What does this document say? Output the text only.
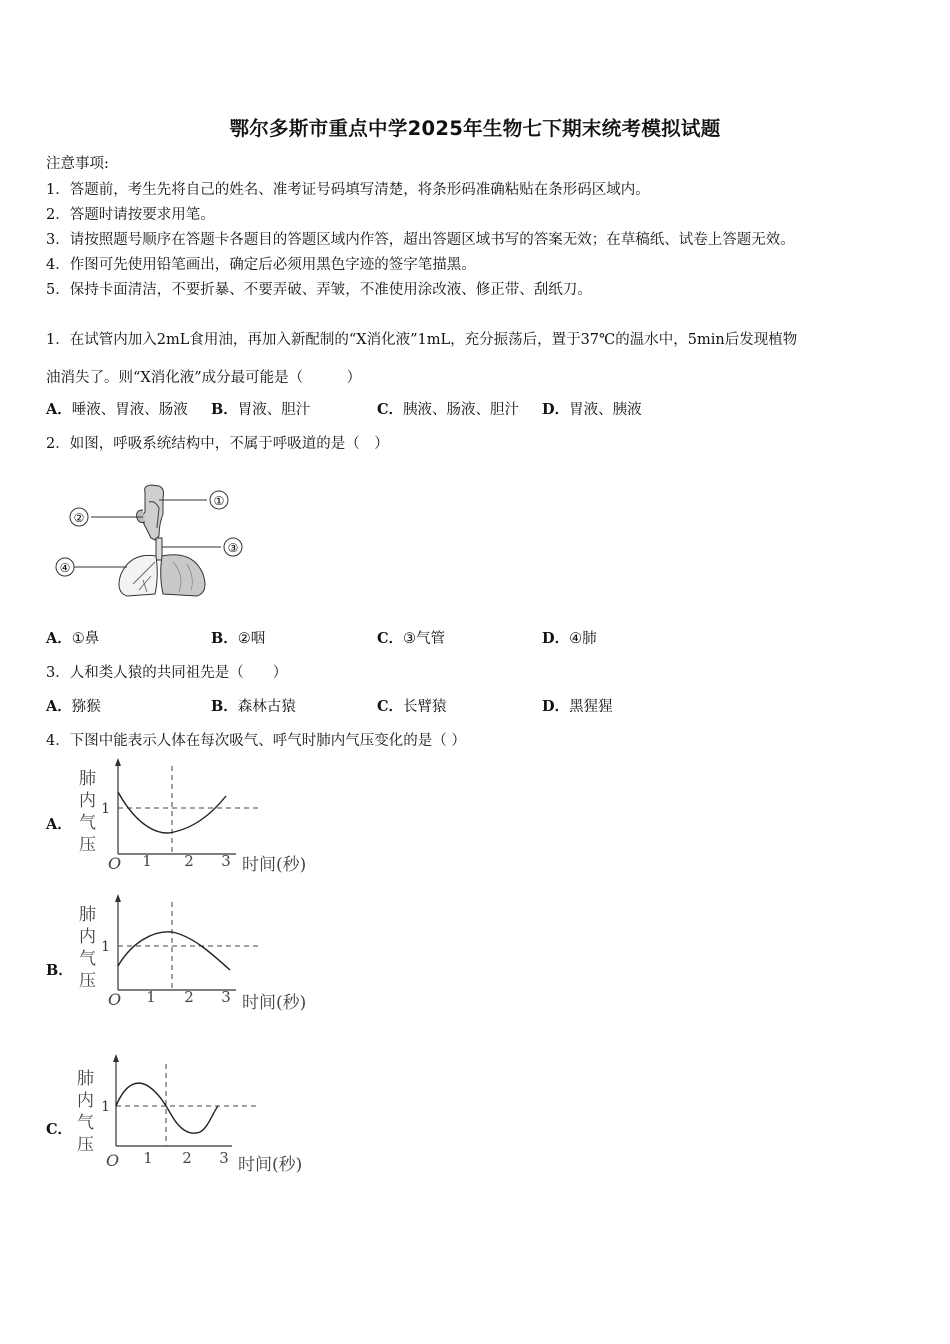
鄂尔多斯市重点中学2025年生物七下期末统考模拟试题
注意事项:
1．答题前，考生先将自己的姓名、准考证号码填写清楚，将条形码准确粘贴在条形码区域内。
2．答题时请按要求用笔。
3．请按照题号顺序在答题卡各题目的答题区域内作答，超出答题区域书写的答案无效；在草稿纸、试卷上答题无效。
4．作图可先使用铅笔画出，确定后必须用黑色字迹的签字笔描黑。
5．保持卡面清洁，不要折暴、不要弄破、弄皱，不准使用涂改液、修正带、刮纸刀。
1．在试管内加入2mL食用油，再加入新配制的“X消化液”1mL，充分振荡后，置于37℃的温水中，5min后发现植物
油消失了。则“X消化液”成分最可能是（　　　）
A．唾液、胃液、肠液 B．胃液、胆汁	C．胰液、肠液、胆汁 D．胃液、胰液
2．如图，呼吸系统结构中，不属于呼吸道的是（　）
①
②
③
④
A．①鼻	B．②咽	C．③气管	D．④肺
3．人和类人猿的共同祖先是（　　）
A．猕猴	B．森林古猿	C．长臂猿	D．黑猩猩
4．下图中能表示人体在每次吸气、呼气时肺内气压变化的是（ ）
A．
B．
C．
肺
内
气
压
1
O 1 2 3 时间(秒)
肺
内
气
压
1
O 1 2 3 时间(秒)
肺
内
气
压
1
O 1 2 3 时间(秒)
